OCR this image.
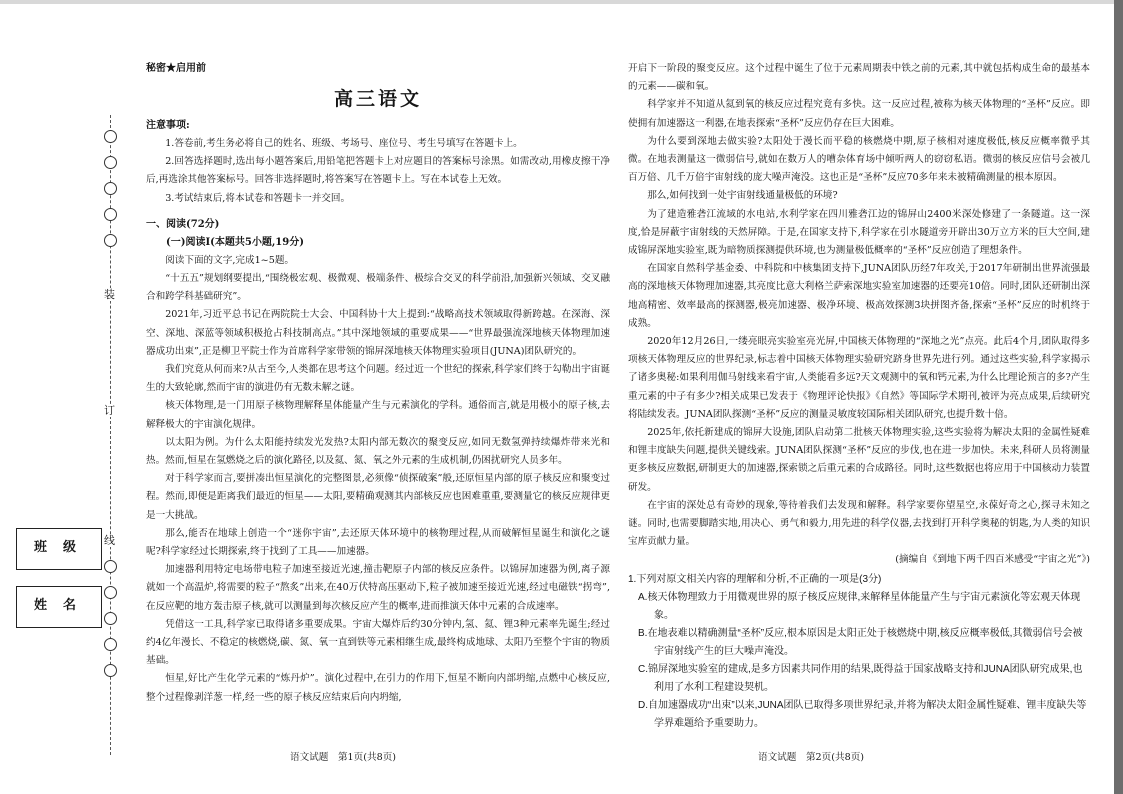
装
订
线
班级
姓名

秘密★启用前

高三语文

注意事项:

1.答卷前,考生务必将自己的姓名、班级、考场号、座位号、考生号填写在答题卡上。

2.回答选择题时,选出每小题答案后,用铅笔把答题卡上对应题目的答案标号涂黑。如需改动,用橡皮擦干净后,再选涂其他答案标号。回答非选择题时,将答案写在答题卡上。写在本试卷上无效。

3.考试结束后,将本试卷和答题卡一并交回。

一、阅读(72分)

(一)阅读Ⅰ(本题共5小题,19分)

阅读下面的文字,完成1~5题。

“十五五”规划纲要提出,“围绕极宏观、极微观、极端条件、极综合交叉的科学前沿,加强新兴领域、交叉融合和跨学科基础研究”。

2021年,习近平总书记在两院院士大会、中国科协十大上提到:“战略高技术领域取得新跨越。在深海、深空、深地、深蓝等领域积极抢占科技制高点。”其中深地领域的重要成果——“世界最强流深地核天体物理加速器成功出束”,正是柳卫平院士作为首席科学家带领的锦屏深地核天体物理实验项目(JUNA)团队研究的。

我们究竟从何而来?从古至今,人类都在思考这个问题。经过近一个世纪的探索,科学家们终于勾勒出宇宙诞生的大致轮廓,然而宇宙的演进仍有无数未解之谜。

核天体物理,是一门用原子核物理解释星体能量产生与元素演化的学科。通俗而言,就是用极小的原子核,去解释极大的宇宙演化规律。

以太阳为例。为什么太阳能持续发光发热?太阳内部无数次的聚变反应,如同无数氢弹持续爆炸带来光和热。然而,恒星在氢燃烧之后的演化路径,以及氦、氮、氧之外元素的生成机制,仍困扰研究人员多年。

对于科学家而言,要拼凑出恒星演化的完整图景,必须像“侦探破案”般,还原恒星内部的原子核反应和聚变过程。然而,即便是距离我们最近的恒星——太阳,要精确观测其内部核反应也困难重重,要测量它的核反应规律更是一大挑战。

那么,能否在地球上创造一个“迷你宇宙”,去还原天体环境中的核物理过程,从而破解恒星诞生和演化之谜呢?科学家经过长期探索,终于找到了工具——加速器。

加速器利用特定电场带电粒子加速至接近光速,撞击靶原子内部的核反应条件。以锦屏加速器为例,离子源就如一个高温炉,将需要的粒子“熬炙”出来,在40万伏特高压驱动下,粒子被加速至接近光速,经过电磁铁“拐弯”,在反应靶的地方轰击原子核,就可以测量到每次核反应产生的概率,进而推演天体中元素的合成速率。

凭借这一工具,科学家已取得诸多重要成果。宇宙大爆炸后约30分钟内,氢、氦、锂3种元素率先诞生;经过约4亿年漫长、不稳定的核燃烧,碳、氮、氧一直到铁等元素相继生成,最终构成地球、太阳乃至整个宇宙的物质基础。

恒星,好比产生化学元素的“炼丹炉”。演化过程中,在引力的作用下,恒星不断向内部坍缩,点燃中心核反应,整个过程像剥洋葱一样,经一些的原子核反应结束后向内坍缩,

开启下一阶段的聚变反应。这个过程中诞生了位于元素周期表中铁之前的元素,其中就包括构成生命的最基本的元素——碳和氧。

科学家并不知道从氦到氧的核反应过程究竟有多快。这一反应过程,被称为核天体物理的“圣杯”反应。即使拥有加速器这一利器,在地表探索“圣杯”反应仍存在巨大困难。

为什么要到深地去做实验?太阳处于漫长而平稳的核燃烧中期,原子核相对速度极低,核反应概率微乎其微。在地表测量这一微弱信号,就如在数万人的嘈杂体育场中倾听两人的窃窃私语。微弱的核反应信号会被几百万倍、几千万倍宇宙射线的庞大噪声淹没。这也正是“圣杯”反应70多年来未被精确测量的根本原因。

那么,如何找到一处宇宙射线通量极低的环境?

为了建造雅砻江流域的水电站,水利学家在四川雅砻江边的锦屏山2400米深处修建了一条隧道。这一深度,恰是屏蔽宇宙射线的天然屏障。于是,在国家支持下,科学家在引水隧道旁开辟出30万立方米的巨大空间,建成锦屏深地实验室,既为暗物质探测提供环境,也为测量极低概率的“圣杯”反应创造了理想条件。

在国家自然科学基金委、中科院和中核集团支持下,JUNA团队历经7年攻关,于2017年研制出世界流强最高的深地核天体物理加速器,其亮度比意大利格兰萨索深地实验室加速器的还要亮10倍。同时,团队还研制出深地高精密、效率最高的探测器,极亮加速器、极净环境、极高效探测3块拼图齐备,探索“圣杯”反应的时机终于成熟。

2020年12月26日,一缕亮眼亮实验室亮光屏,中国核天体物理的“深地之光”点亮。此后4个月,团队取得多项核天体物理反应的世界纪录,标志着中国核天体物理实验研究跻身世界先进行列。通过这些实验,科学家揭示了诸多奥秘:如果利用伽马射线来看宇宙,人类能看多远?天文观测中的氧和钙元素,为什么比理论预言的多?产生重元素的中子有多少?相关成果已发表于《物理评论快报》《自然》等国际学术期刊,被评为亮点成果,后续研究将陆续发表。JUNA团队探测“圣杯”反应的测量灵敏度较国际相关团队研究,也提升数十倍。

2025年,依托新建成的锦屏大设施,团队启动第二批核天体物理实验,这些实验将为解决太阳的金属性疑难和锂丰度缺失问题,提供关键线索。JUNA团队探测“圣杯”反应的步伐,也在进一步加快。未来,科研人员将测量更多核反应数据,研制更大的加速器,探索锁之后重元素的合成路径。同时,这些数据也将应用于中国核动力装置研发。

在宇宙的深处总有奇妙的现象,等待着我们去发现和解释。科学家要你望星空,永葆好奇之心,探寻未知之谜。同时,也需要脚踏实地,用决心、勇气和毅力,用先进的科学仪器,去找到打开科学奥秘的钥匙,为人类的知识宝库贡献力量。

(摘编自《到地下两千四百米感受“宇宙之光”》)

1.下列对原文相关内容的理解和分析,不正确的一项是(3分)

A.核天体物理致力于用微观世界的原子核反应规律,来解释星体能量产生与宇宙元素演化等宏观天体现象。

B.在地表难以精确测量“圣杯”反应,根本原因是太阳正处于核燃烧中期,核反应概率极低,其微弱信号会被宇宙射线产生的巨大噪声淹没。

C.锦屏深地实验室的建成,是多方因素共同作用的结果,既得益于国家战略支持和JUNA团队研究成果,也利用了水利工程建设契机。

D.自加速器成功“出束”以来,JUNA团队已取得多项世界纪录,并将为解决太阳金属性疑难、锂丰度缺失等学界难题给予重要助力。

语文试题　第1页(共8页)	语文试题　第2页(共8页)
